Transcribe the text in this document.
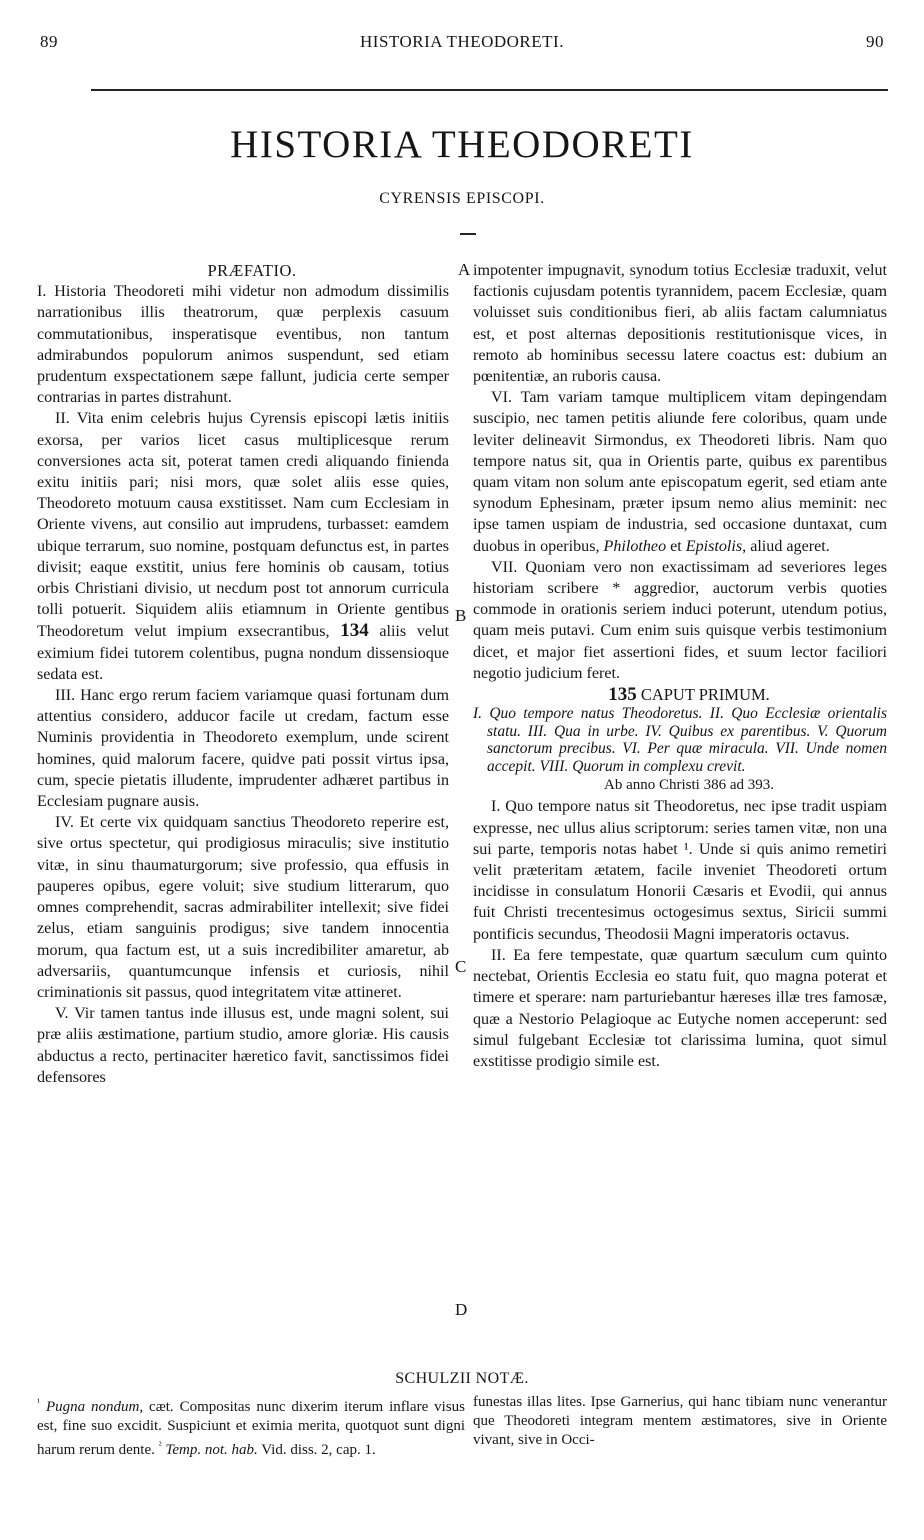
89	HISTORIA THEODORETI.	90
HISTORIA THEODORETI
CYRENSIS EPISCOPI.

PRÆFATIO.

I. Historia Theodoreti mihi videtur non admodum dissimilis narrationibus illis theatrorum, quæ perplexis casuum commutationibus, insperatisque eventibus, non tantum admirabundos populorum animos suspendunt, sed etiam prudentum exspectationem sæpe fallunt, judicia certe semper contrarias in partes distrahunt.

II. Vita enim celebris hujus Cyrensis episcopi lætis initiis exorsa, per varios licet casus multiplicesque rerum conversiones acta sit, poterat tamen credi aliquando finienda exitu initiis pari; nisi mors, quæ solet aliis esse quies, Theodoreto motuum causa exstitisset. Nam cum Ecclesiam in Oriente vivens, aut consilio aut imprudens, turbasset: eamdem ubique terrarum, suo nomine, postquam defunctus est, in partes divisit; eaque exstitit, unius fere hominis ob causam, totius orbis Christiani divisio, ut necdum post tot annorum curricula tolli potuerit. Siquidem aliis etiamnum in Oriente gentibus Theodoretum velut impium exsecrantibus, 134 aliis velut eximium fidei tutorem colentibus, pugna nondum dissensioque sedata est.

III. Hanc ergo rerum faciem variamque quasi fortunam dum attentius considero, adducor facile ut credam, factum esse Numinis providentia in Theodoreto exemplum, unde scirent homines, quid malorum facere, quidve pati possit virtus ipsa, cum, specie pietatis illudente, imprudenter adhæret partibus in Ecclesiam pugnare ausis.

IV. Et certe vix quidquam sanctius Theodoreto reperire est, sive ortus spectetur, qui prodigiosus miraculis; sive institutio vitæ, in sinu thaumaturgorum; sive professio, qua effusis in pauperes opibus, egere voluit; sive studium litterarum, quo omnes comprehendit, sacras admirabiliter intellexit; sive fidei zelus, etiam sanguinis prodigus; sive tandem innocentia morum, qua factum est, ut a suis incredibiliter amaretur, ab adversariis, quantumcunque infensis et curiosis, nihil criminationis sit passus, quod integritatem vitæ attineret.

V. Vir tamen tantus inde illusus est, unde magni solent, sui præ aliis æstimatione, partium studio, amore gloriæ. His causis abductus a recto, pertinaciter hæretico favit, sanctissimos fidei defensores

impotenter impugnavit, synodum totius Ecclesiæ traduxit, velut factionis cujusdam potentis tyrannidem, pacem Ecclesiæ, quam voluisset suis conditionibus fieri, ab aliis factam calumniatus est, et post alternas depositionis restitutionisque vices, in remoto ab hominibus secessu latere coactus est: dubium an pœnitentiæ, an ruboris causa.

VI. Tam variam tamque multiplicem vitam depingendam suscipio, nec tamen petitis aliunde fere coloribus, quam unde leviter delineavit Sirmondus, ex Theodoreti libris. Nam quo tempore natus sit, qua in Orientis parte, quibus ex parentibus quam vitam non solum ante episcopatum egerit, sed etiam ante synodum Ephesinam, præter ipsum nemo alius meminit: nec ipse tamen uspiam de industria, sed occasione duntaxat, cum duobus in operibus, Philotheo et Epistolis, aliud ageret.

VII. Quoniam vero non exactissimam ad severiores leges historiam scribere * aggredior, auctorum verbis quoties commode in orationis seriem induci poterunt, utendum potius, quam meis putavi. Cum enim suis quisque verbis testimonium dicet, et major fiet assertioni fides, et suum lector faciliori negotio judicium feret.

135 CAPUT PRIMUM.

I. Quo tempore natus Theodoretus. II. Quo Ecclesiæ orientalis statu. III. Qua in urbe. IV. Quibus ex parentibus. V. Quorum sanctorum precibus. VI. Per quæ miracula. VII. Unde nomen accepit. VIII. Quorum in complexu crevit.

Ab anno Christi 386 ad 393.

I. Quo tempore natus sit Theodoretus, nec ipse tradit uspiam expresse, nec ullus alius scriptorum: series tamen vitæ, non una sui parte, temporis notas habet ¹. Unde si quis animo remetiri velit præteritam ætatem, facile inveniet Theodoreti ortum incidisse in consulatum Honorii Cæsaris et Evodii, qui annus fuit Christi trecentesimus octogesimus sextus, Siricii summi pontificis secundus, Theodosii Magni imperatoris octavus.

II. Ea fere tempestate, quæ quartum sæculum cum quinto nectebat, Orientis Ecclesia eo statu fuit, quo magna poterat et timere et sperare: nam parturiebantur hæreses illæ tres famosæ, quæ a Nestorio Pelagioque ac Eutyche nomen acceperunt: sed simul fulgebant Ecclesiæ tot clarissima lumina, quot simul exstitisse prodigio simile est.

A
B
C
D
SCHULZII NOTÆ.

$^{^1}$ Pugna nondum, cæt. Compositas nunc dixerim iterum inflare visus est, fine suo excidit. Suspiciunt et eximia merita, quotquot sunt digni harum rerum dente. $^{^2}$ Temp. not. hab. Vid. diss. 2, cap. 1.

funestas illas lites. Ipse Garnerius, qui hanc tibiam nunc venerantur que Theodoreti integram mentem æstimatores, sive in Oriente vivant, sive in Occi-
